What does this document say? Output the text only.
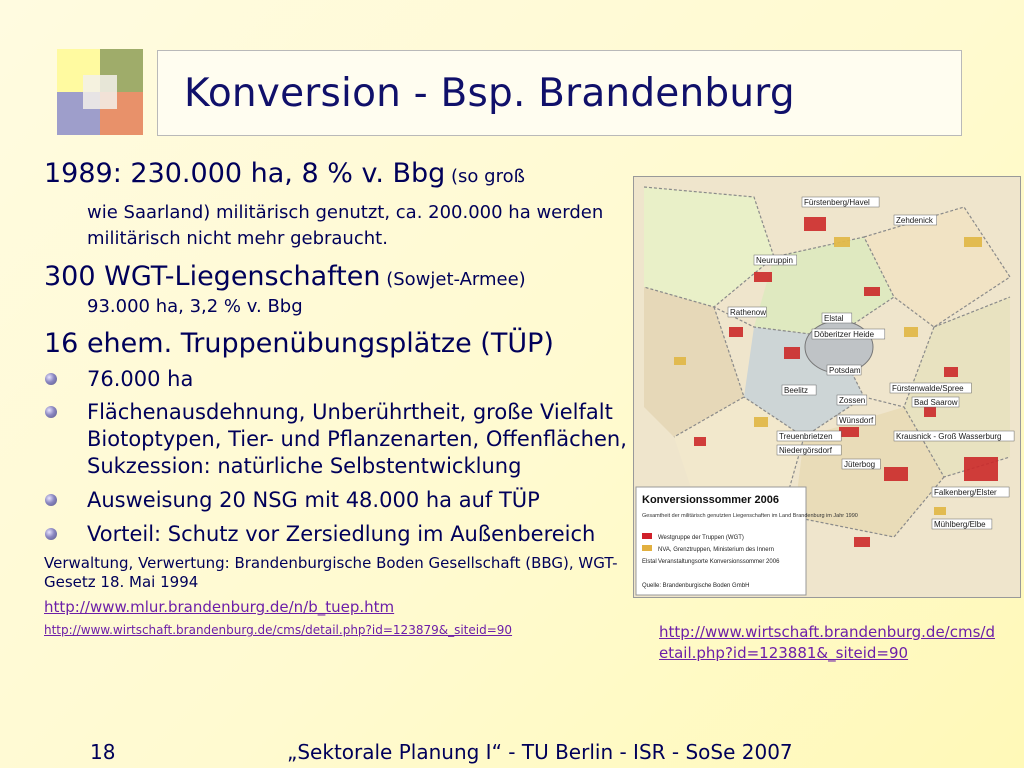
Konversion - Bsp. Brandenburg
1989: 230.000 ha, 8 % v. Bbg (so groß
wie Saarland) militärisch genutzt, ca. 200.000 ha werden militärisch nicht mehr gebraucht.
300 WGT-Liegenschaften (Sowjet-Armee)
93.000 ha, 3,2 % v. Bbg
16 ehem. Truppenübungsplätze (TÜP)
76.000 ha
Flächenausdehnung, Unberührtheit, große Vielfalt Biotoptypen, Tier- und Pflanzenarten, Offenflächen, Sukzession: natürliche Selbstentwicklung
Ausweisung 20 NSG mit 48.000 ha auf TÜP
Vorteil: Schutz vor Zersiedlung im Außenbereich
Verwaltung, Verwertung: Brandenburgische Boden Gesellschaft (BBG), WGT-Gesetz 18. Mai 1994
http://www.mlur.brandenburg.de/n/b_tuep.htm
http://www.wirtschaft.brandenburg.de/cms/detail.php?id=123879&_siteid=90
Fürstenberg/Havel
Zehdenick
Neuruppin
Rathenow
Elstal
Döberitzer Heide
Potsdam
Beelitz
Zossen
Wünsdorf
Fürstenwalde/Spree
Bad Saarow
Treuenbrietzen
Niedergörsdorf
Krausnick - Groß Wasserburg
Jüterbog
Falkenberg/Elster
Mühlberg/Elbe
Konversionssommer 2006
Gesamtheit der militärisch genutzten Liegenschaften im Land Brandenburg im Jahr 1990
Westgruppe der Truppen (WGT)
NVA, Grenztruppen, Ministerium des Innern
Elstal Veranstaltungsorte Konversionssommer 2006
Quelle: Brandenburgische Boden GmbH
http://www.wirtschaft.brandenburg.de/cms/detail.php?id=123881&_siteid=90
18	„Sektorale Planung I“ - TU Berlin - ISR - SoSe 2007
